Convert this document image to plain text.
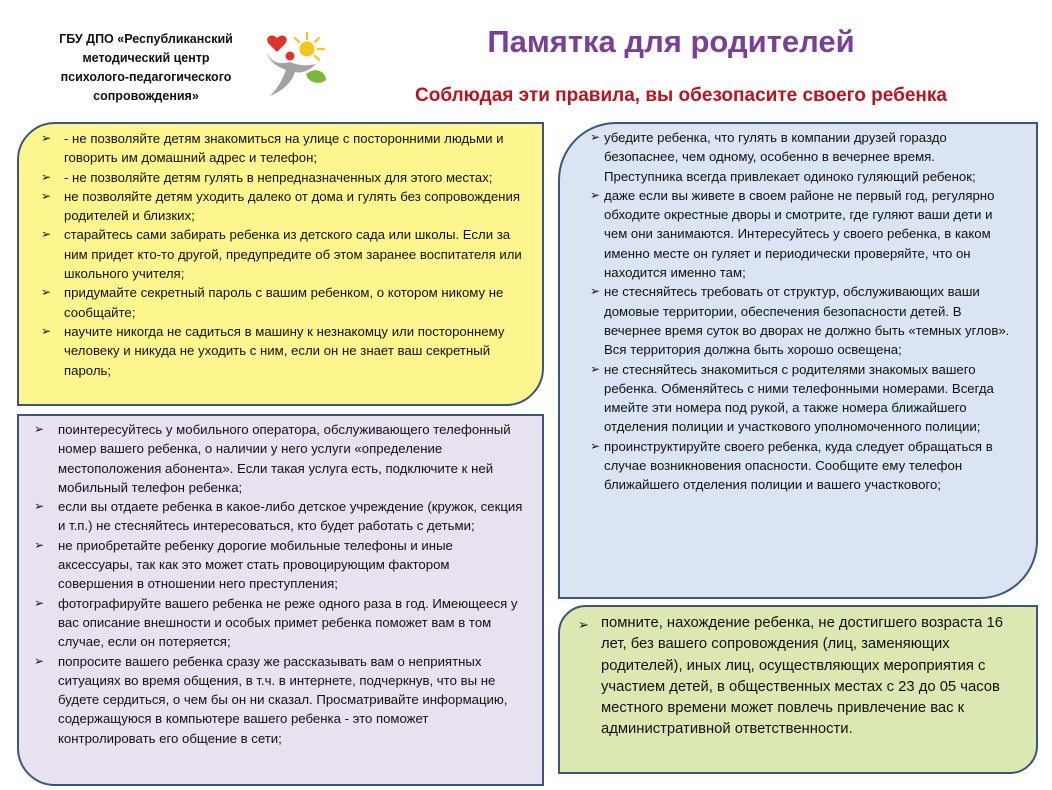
ГБУ ДПО «Республиканский
методический центр
психолого-педагогического
сопровождения»
Памятка для родителей
Соблюдая эти правила, вы обезопасите своего ребенка
➢ - не позволяйте детям знакомиться на улице с посторонними людьми и говорить им домашний адрес и телефон;
➢ - не позволяйте детям гулять в непредназначенных для этого местах;
➢ не позволяйте детям уходить далеко от дома и гулять без сопровождения родителей и близких;
➢ старайтесь сами забирать ребенка из детского сада или школы. Если за ним придет кто-то другой, предупредите об этом заранее воспитателя или школьного учителя;
➢ придумайте секретный пароль с вашим ребенком, о котором никому не сообщайте;
➢ научите никогда не садиться в машину к незнакомцу или постороннему человеку и никуда не уходить с ним, если он не знает ваш секретный пароль;
➢ поинтересуйтесь у мобильного оператора, обслуживающего телефонный номер вашего ребенка, о наличии у него услуги «определение местоположения абонента». Если такая услуга есть, подключите к ней мобильный телефон ребенка;
➢ если вы отдаете ребенка в какое-либо детское учреждение (кружок, секция и т.п.) не стесняйтесь интересоваться, кто будет работать с детьми;
➢ не приобретайте ребенку дорогие мобильные телефоны и иные аксессуары, так как это может стать провоцирующим фактором совершения в отношении него преступления;
➢ фотографируйте вашего ребенка не реже одного раза в год. Имеющееся у вас описание внешности и особых примет ребенка поможет вам в том случае, если он потеряется;
➢ попросите вашего ребенка сразу же рассказывать вам о неприятных ситуациях во время общения, в т.ч. в интернете, подчеркнув, что вы не будете сердиться, о чем бы он ни сказал. Просматривайте информацию, содержащуюся в компьютере вашего ребенка - это поможет контролировать его общение в сети;
➢ убедите ребенка, что гулять в компании друзей гораздо безопаснее, чем одному, особенно в вечернее время. Преступника всегда привлекает одиноко гуляющий ребенок;
➢ даже если вы живете в своем районе не первый год, регулярно обходите окрестные дворы и смотрите, где гуляют ваши дети и чем они занимаются. Интересуйтесь у своего ребенка, в каком именно месте он гуляет и периодически проверяйте, что он находится именно там;
➢ не стесняйтесь требовать от структур, обслуживающих ваши домовые территории, обеспечения безопасности детей. В вечернее время суток во дворах не должно быть «темных углов». Вся территория должна быть хорошо освещена;
➢ не стесняйтесь знакомиться с родителями знакомых вашего ребенка. Обменяйтесь с ними телефонными номерами. Всегда имейте эти номера под рукой, а также номера ближайшего отделения полиции и участкового уполномоченного полиции;
➢ проинструктируйте своего ребенка, куда следует обращаться в случае возникновения опасности. Сообщите ему телефон ближайшего отделения полиции и вашего участкового;
➢ помните, нахождение ребенка, не достигшего возраста 16 лет, без вашего сопровождения (лиц, заменяющих родителей), иных лиц, осуществляющих мероприятия с участием детей, в общественных местах с 23 до 05 часов местного времени может повлечь привлечение вас к административной ответственности.
